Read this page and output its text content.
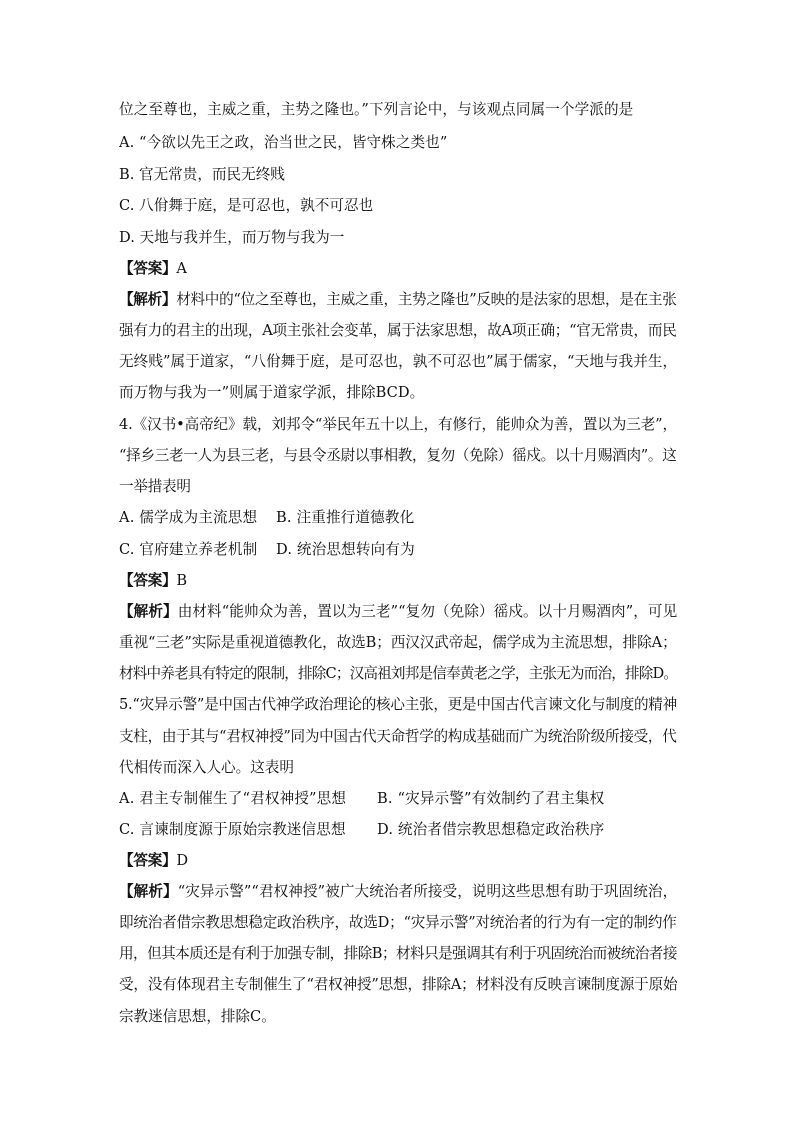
位之至尊也，主威之重，主势之隆也。”下列言论中，与该观点同属一个学派的是
A. “今欲以先王之政，治当世之民，皆守株之类也”
B. 官无常贵，而民无终贱
C. 八佾舞于庭，是可忍也，孰不可忍也
D. 天地与我并生，而万物与我为一
【答案】A
【解析】材料中的“位之至尊也，主威之重，主势之隆也”反映的是法家的思想，是在主张
强有力的君主的出现，A项主张社会变革，属于法家思想，故A项正确；“官无常贵，而民
无终贱”属于道家，“八佾舞于庭，是可忍也，孰不可忍也”属于儒家，“天地与我并生，
而万物与我为一”则属于道家学派，排除BCD。
4.《汉书•高帝纪》载，刘邦令“举民年五十以上，有修行，能帅众为善，置以为三老”，
“择乡三老一人为县三老，与县令丞尉以事相教，复勿（免除）徭戍。以十月赐酒肉”。这
一举措表明
A. 儒学成为主流思想 B. 注重推行道德教化
C. 官府建立养老机制 D. 统治思想转向有为
【答案】B
【解析】由材料“能帅众为善，置以为三老”“复勿（免除）徭戍。以十月赐酒肉”，可见
重视“三老”实际是重视道德教化，故选B；西汉汉武帝起，儒学成为主流思想，排除A；
材料中养老具有特定的限制，排除C；汉高祖刘邦是信奉黄老之学，主张无为而治，排除D。
5.“灾异示警”是中国古代神学政治理论的核心主张，更是中国古代言谏文化与制度的精神
支柱，由于其与“君权神授”同为中国古代天命哲学的构成基础而广为统治阶级所接受，代
代相传而深入人心。这表明
A. 君主专制催生了“君权神授”思想 B. “灾异示警”有效制约了君主集权
C. 言谏制度源于原始宗教迷信思想 D. 统治者借宗教思想稳定政治秩序
【答案】D
【解析】“灾异示警”“君权神授”被广大统治者所接受，说明这些思想有助于巩固统治，
即统治者借宗教思想稳定政治秩序，故选D；“灾异示警”对统治者的行为有一定的制约作
用，但其本质还是有利于加强专制，排除B；材料只是强调其有利于巩固统治而被统治者接
受，没有体现君主专制催生了“君权神授”思想，排除A；材料没有反映言谏制度源于原始
宗教迷信思想，排除C。
